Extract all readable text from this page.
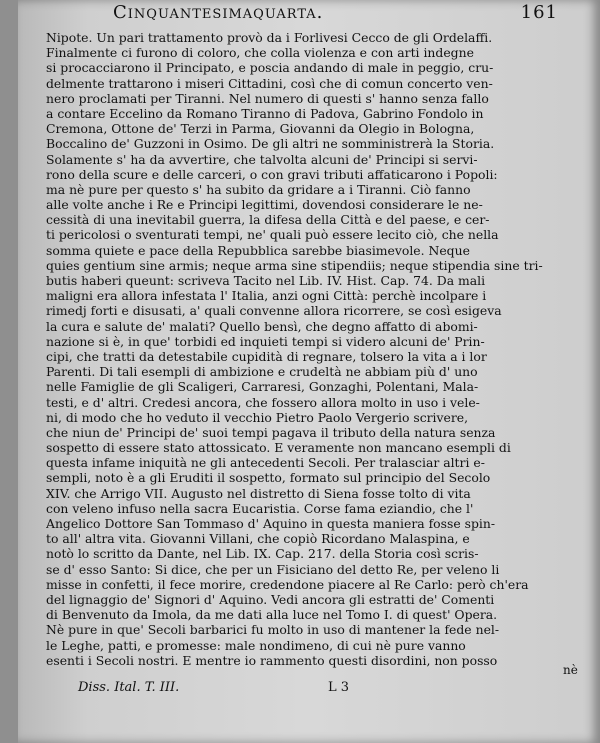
Cinquantesimaquarta.	161
Nipote. Un pari trattamento provò da i Forlivesi Cecco de gli Ordelaffi.
Finalmente ci furono di coloro, che colla violenza e con arti indegne
si procacciarono il Principato, e poscia andando di male in peggio, cru-
delmente trattarono i miseri Cittadini, così che di comun concerto ven-
nero proclamati per Tiranni. Nel numero di questi s' hanno senza fallo
a contare Eccelino da Romano Tiranno di Padova, Gabrino Fondolo in
Cremona, Ottone de' Terzi in Parma, Giovanni da Olegio in Bologna,
Boccalino de' Guzzoni in Osimo. De gli altri ne somministrerà la Storia.
Solamente s' ha da avvertire, che talvolta alcuni de' Principi si servi-
rono della scure e delle carceri, o con gravi tributi affaticarono i Popoli:
ma nè pure per questo s' ha subito da gridare a i Tiranni. Ciò fanno
alle volte anche i Re e Principi legittimi, dovendosi considerare le ne-
cessità di una inevitabil guerra, la difesa della Città e del paese, e cer-
ti pericolosi o sventurati tempi, ne' quali può essere lecito ciò, che nella
somma quiete e pace della Repubblica sarebbe biasimevole. Neque
quies gentium sine armis; neque arma sine stipendiis; neque stipendia sine tri-
butis haberi queunt: scriveva Tacito nel Lib. IV. Hist. Cap. 74. Da mali
maligni era allora infestata l' Italia, anzi ogni Città: perchè incolpare i
rimedj forti e disusati, a' quali convenne allora ricorrere, se così esigeva
la cura e salute de' malati? Quello bensì, che degno affatto di abomi-
nazione si è, in que' torbidi ed inquieti tempi si videro alcuni de' Prin-
cipi, che tratti da detestabile cupidità di regnare, tolsero la vita a i lor
Parenti. Di tali esempli di ambizione e crudeltà ne abbiam più d' uno
nelle Famiglie de gli Scaligeri, Carraresi, Gonzaghi, Polentani, Mala-
testi, e d' altri. Credesi ancora, che fossero allora molto in uso i vele-
ni, di modo che ho veduto il vecchio Pietro Paolo Vergerio scrivere,
che niun de' Principi de' suoi tempi pagava il tributo della natura senza
sospetto di essere stato attossicato. E veramente non mancano esempli di
questa infame iniquità ne gli antecedenti Secoli. Per tralasciar altri e-
sempli, noto è a gli Eruditi il sospetto, formato sul principio del Secolo
XIV. che Arrigo VII. Augusto nel distretto di Siena fosse tolto di vita
con veleno infuso nella sacra Eucaristia. Corse fama eziandio, che l'
Angelico Dottore San Tommaso d' Aquino in questa maniera fosse spin-
to all' altra vita. Giovanni Villani, che copiò Ricordano Malaspina, e
notò lo scritto da Dante, nel Lib. IX. Cap. 217. della Storia così scris-
se d' esso Santo: Si dice, che per un Fisiciano del detto Re, per veleno li
misse in confetti, il fece morire, credendone piacere al Re Carlo: però ch'era
del lignaggio de' Signori d' Aquino. Vedi ancora gli estratti de' Comenti
di Benvenuto da Imola, da me dati alla luce nel Tomo I. di quest' Opera.
Nè pure in que' Secoli barbarici fu molto in uso di mantener la fede nel-
le Leghe, patti, e promesse: male nondimeno, di cui nè pure vanno
esenti i Secoli nostri. E mentre io rammento questi disordini, non posso
nè
Diss. Ital. T. III.	L 3
